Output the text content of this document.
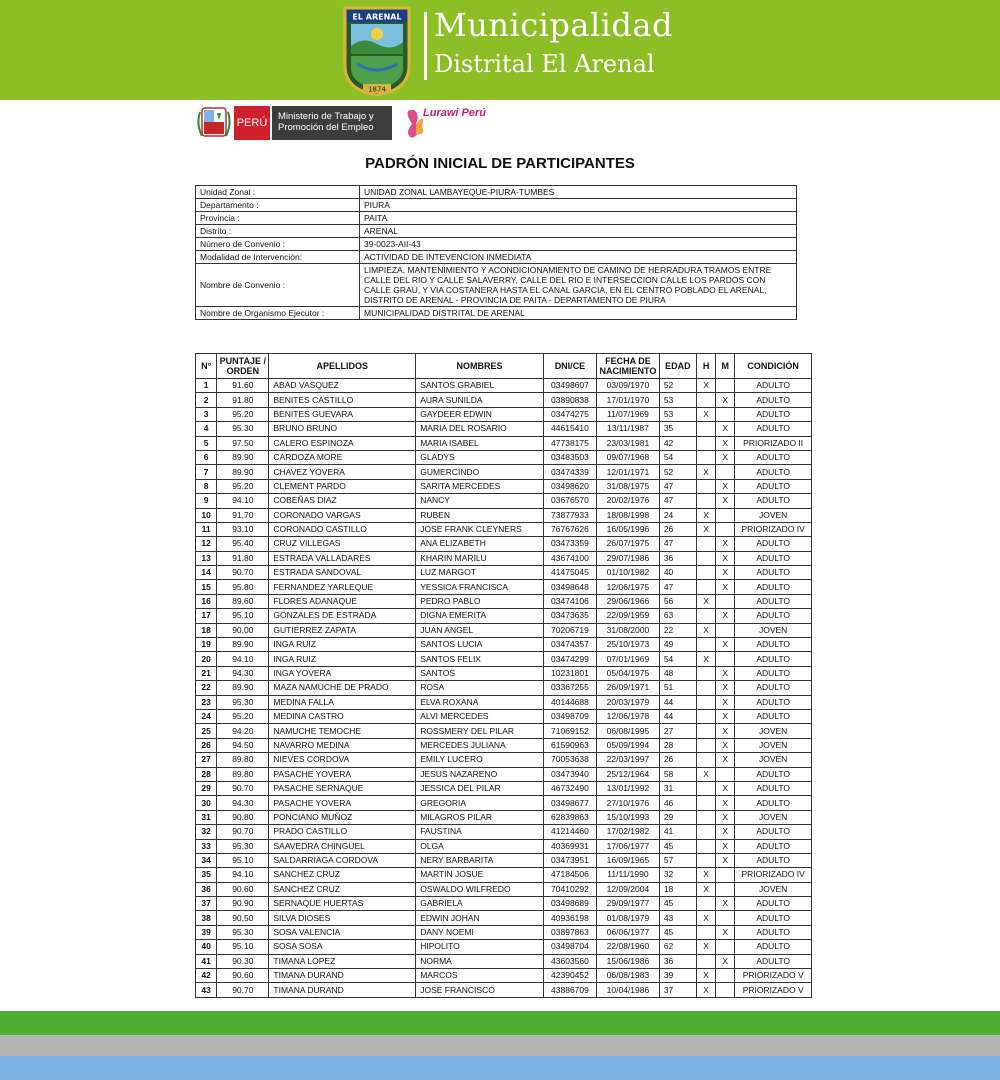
EL ARENAL
1874
Municipalidad
Distrital El Arenal
PERÚ
Ministerio de Trabajo y Promoción del Empleo
Lurawi Perú
PADRÓN INICIAL DE PARTICIPANTES
Unidad Zonal :	UNIDAD ZONAL LAMBAYEQUE-PIURA-TUMBES
Departamento :	PIURA
Provincia :	PAITA
Distrito :	ARENAL
Número de Convenio :	39-0023-AII-43
Modalidad de Intervención:	ACTIVIDAD DE INTEVENCION INMEDIATA
Nombre de Convenio :	LIMPIEZA, MANTENIMIENTO Y ACONDICIONAMIENTO DE CAMINO DE HERRADURA TRAMOS ENTRE CALLE DEL RIO Y CALLE SALAVERRY, CALLE DEL RIO E INTERSECCION CALLE LOS PARDOS CON CALLE GRAU, Y VIA COSTANERA HASTA EL CANAL GARCIA, EN EL CENTRO POBLADO EL ARENAL, DISTRITO DE ARENAL - PROVINCIA DE PAITA - DEPARTAMENTO DE PIURA
Nombre de Organismo Ejecutor :	MUNICIPALIDAD DISTRITAL DE ARENAL
N°	PUNTAJE / ORDEN	APELLIDOS	NOMBRES	DNI/CE	FECHA DE NACIMIENTO	EDAD	H	M	CONDICIÓN
1	91.60	ABAD VASQUEZ	SANTOS GRABIEL	03498607	03/09/1970	52	X		ADULTO
2	91.80	BENITES CASTILLO	AURA SUNILDA	03890838	17/01/1970	53		X	ADULTO
3	95.20	BENITES GUEVARA	GAYDEER EDWIN	03474275	11/07/1969	53	X		ADULTO
4	95.30	BRUNO BRUNO	MARIA DEL ROSARIO	44615410	13/11/1987	35		X	ADULTO
5	97.50	CALERO ESPINOZA	MARIA ISABEL	47738175	23/03/1981	42		X	PRIORIZADO II
6	89.90	CARDOZA MORE	GLADYS	03483503	09/07/1968	54		X	ADULTO
7	89.90	CHAVEZ YOVERA	GUMERCINDO	03474339	12/01/1971	52	X		ADULTO
8	95.20	CLEMENT PARDO	SARITA MERCEDES	03498620	31/08/1975	47		X	ADULTO
9	94.10	COBEÑAS DIAZ	NANCY	03676570	20/02/1976	47		X	ADULTO
10	91.70	CORONADO VARGAS	RUBEN	73877933	18/08/1998	24	X		JOVEN
11	93.10	CORONADO CASTILLO	JOSE FRANK CLEYNERS	76767626	16/05/1996	26	X		PRIORIZADO IV
12	95.40	CRUZ VILLEGAS	ANA ELIZABETH	03473359	26/07/1975	47		X	ADULTO
13	91.80	ESTRADA VALLADARES	KHARIN MARILU	43674100	29/07/1986	36		X	ADULTO
14	90.70	ESTRADA SANDOVAL	LUZ MARGOT	41475045	01/10/1982	40		X	ADULTO
15	95.80	FERNANDEZ YARLEQUE	YESSICA FRANCISCA	03498648	12/06/1975	47		X	ADULTO
16	89.60	FLORES ADANAQUE	PEDRO PABLO	03474106	29/06/1966	56	X		ADULTO
17	95.10	GONZALES DE ESTRADA	DIGNA EMERITA	03473635	22/09/1959	63		X	ADULTO
18	90.00	GUTIERREZ ZAPATA	JUAN ANGEL	70206719	31/08/2000	22	X		JOVEN
19	89.90	INGA RUIZ	SANTOS LUCIA	03474357	25/10/1973	49		X	ADULTO
20	94.10	INGA RUIZ	SANTOS FELIX	03474299	07/01/1969	54	X		ADULTO
21	94.30	INGA YOVERA	SANTOS	10231801	05/04/1975	48		X	ADULTO
22	89.90	MAZA NAMUCHE DE PRADO	ROSA	03367255	26/09/1971	51		X	ADULTO
23	95.30	MEDINA FALLA	ELVA ROXANA	40144688	20/03/1979	44		X	ADULTO
24	95.20	MEDINA CASTRO	ALVI MERCEDES	03498709	12/06/1978	44		X	ADULTO
25	94.20	NAMUCHE TEMOCHE	ROSSMERY DEL PILAR	71069152	06/08/1995	27		X	JOVEN
26	94.50	NAVARRO MEDINA	MERCEDES JULIANA	61590963	05/09/1994	28		X	JOVEN
27	89.80	NIEVES CORDOVA	EMILY LUCERO	70053638	22/03/1997	26		X	JOVEN
28	89.80	PASACHE YOVERA	JESUS NAZARENO	03473940	25/12/1964	58	X		ADULTO
29	90.70	PASACHE SERNAQUE	JESSICA DEL PILAR	46732490	13/01/1992	31		X	ADULTO
30	94.30	PASACHE YOVERA	GREGORIA	03498677	27/10/1976	46		X	ADULTO
31	90.80	PONCIANO MUÑOZ	MILAGROS PILAR	62839863	15/10/1993	29		X	JOVEN
32	90.70	PRADO CASTILLO	FAUSTINA	41214460	17/02/1982	41		X	ADULTO
33	95.30	SAAVEDRA CHINGUEL	OLGA	40369931	17/06/1977	45		X	ADULTO
34	95.10	SALDARRIAGA CORDOVA	NERY BARBARITA	03473951	16/09/1965	57		X	ADULTO
35	94.10	SANCHEZ CRUZ	MARTIN JOSUE	47184506	11/11/1990	32	X		PRIORIZADO IV
36	90.60	SANCHEZ CRUZ	OSWALDO WILFREDO	70410292	12/09/2004	18	X		JOVEN
37	90.90	SERNAQUE HUERTAS	GABRIELA	03498689	29/09/1977	45		X	ADULTO
38	90.50	SILVA DIOSES	EDWIN JOHAN	40936198	01/08/1979	43	X		ADULTO
39	95.30	SOSA VALENCIA	DANY NOEMI	03897863	06/06/1977	45		X	ADULTO
40	95.10	SOSA SOSA	HIPOLITO	03498704	22/08/1960	62	X		ADULTO
41	90.30	TIMANA LOPEZ	NORMA	43603560	15/06/1986	36		X	ADULTO
42	90.60	TIMANA DURAND	MARCOS	42390452	06/08/1983	39	X		PRIORIZADO V
43	90.70	TIMANA DURAND	JOSE FRANCISCO	43886709	10/04/1986	37	X		PRIORIZADO V
